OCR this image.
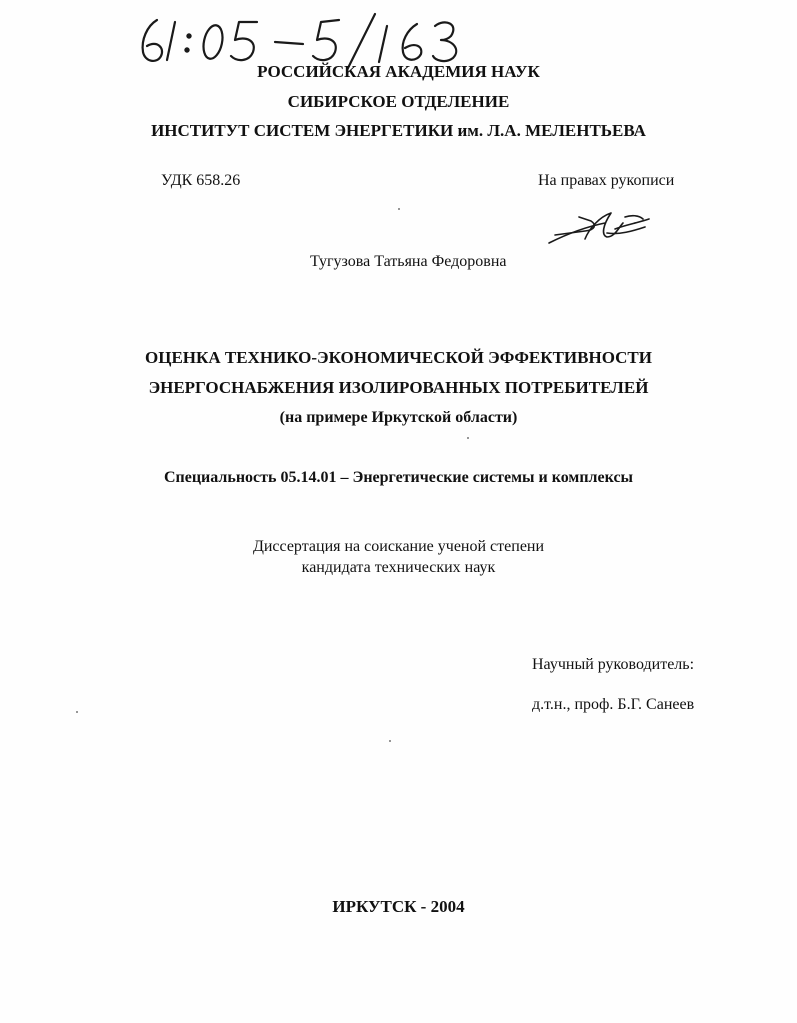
РОССИЙСКАЯ АКАДЕМИЯ НАУК
СИБИРСКОЕ ОТДЕЛЕНИЕ
ИНСТИТУТ СИСТЕМ ЭНЕРГЕТИКИ им. Л.А. МЕЛЕНТЬЕВА
УДК 658.26	На правах рукописи
Тугузова Татьяна Федоровна
ОЦЕНКА ТЕХНИКО-ЭКОНОМИЧЕСКОЙ ЭФФЕКТИВНОСТИ
ЭНЕРГОСНАБЖЕНИЯ ИЗОЛИРОВАННЫХ ПОТРЕБИТЕЛЕЙ
(на примере Иркутской области)
Специальность 05.14.01 – Энергетические системы и комплексы
Диссертация на соискание ученой степени
кандидата технических наук
Научный руководитель:
д.т.н., проф. Б.Г. Санеев
ИРКУТСК - 2004
